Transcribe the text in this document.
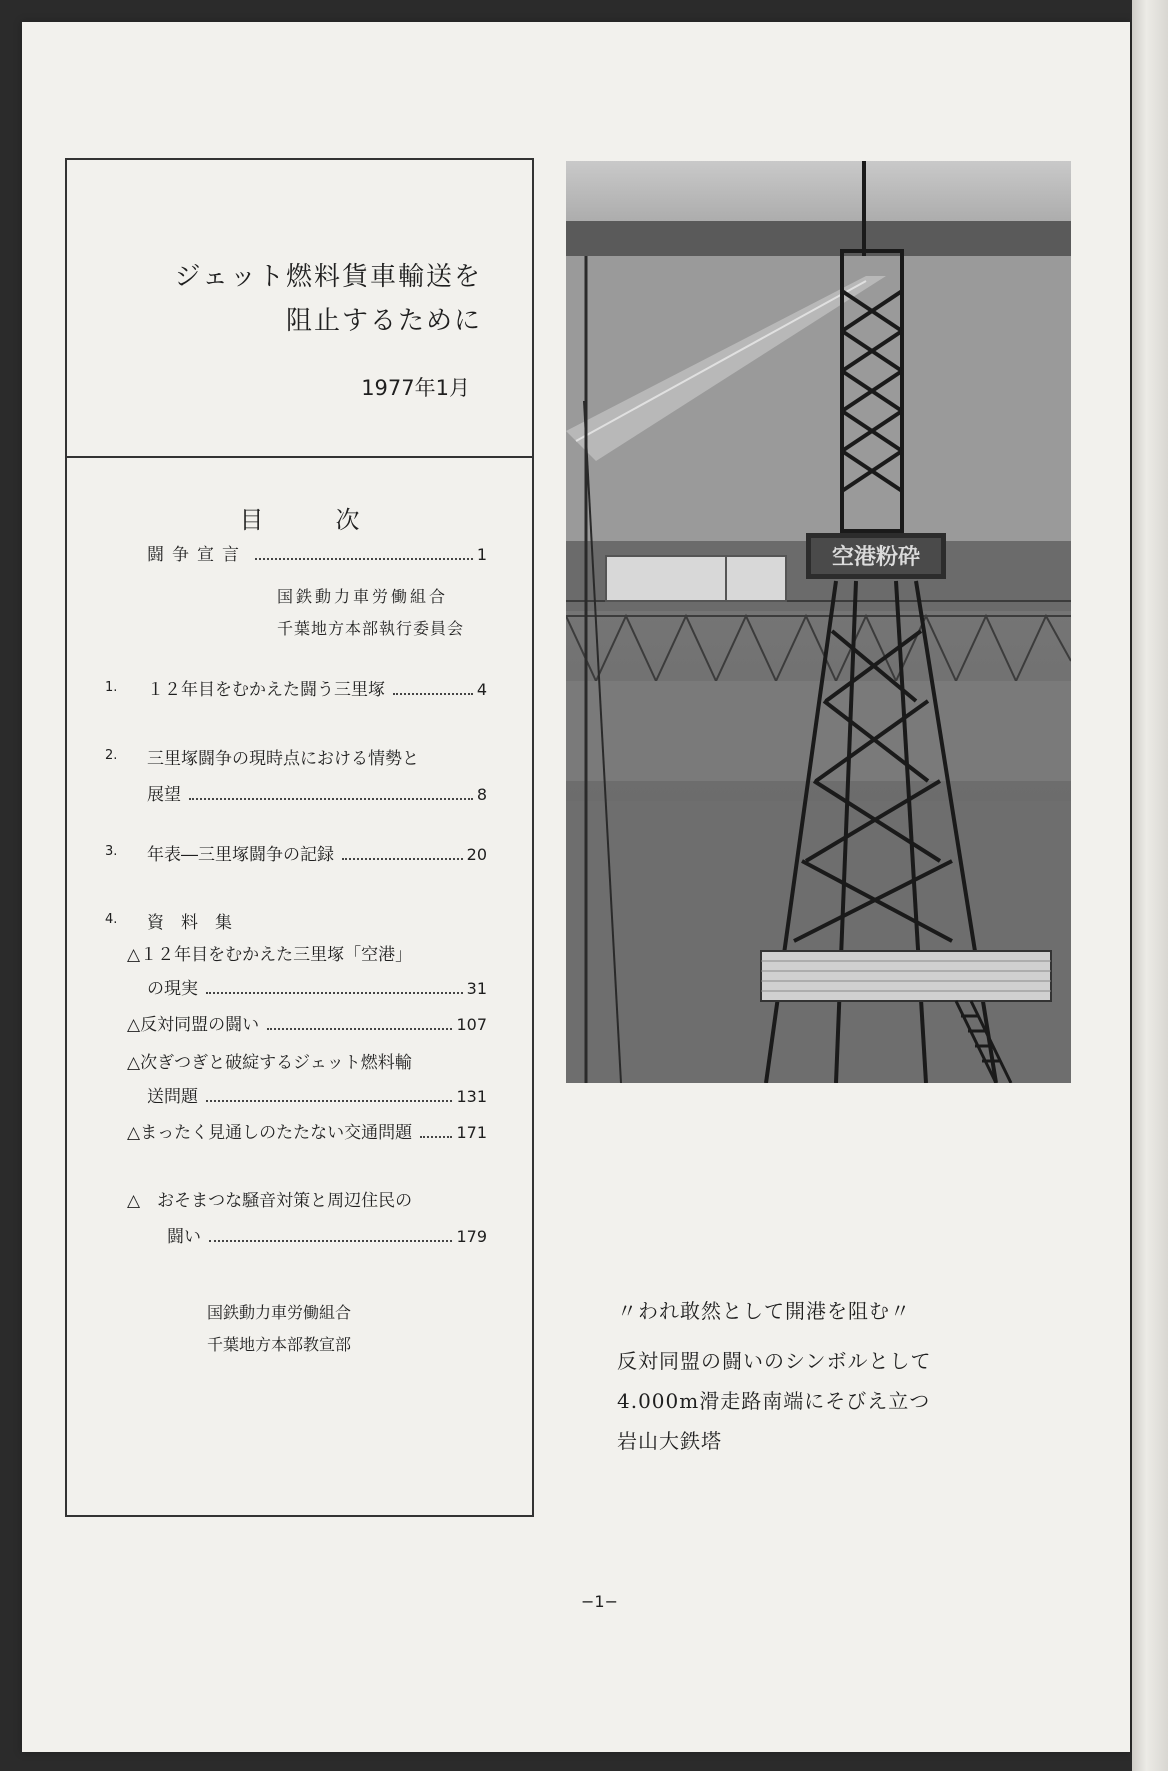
ジェット燃料貨車輸送を
阻止するために
1977年1月
目　次
闘争宣言	1
国鉄動力車労働組合
千葉地方本部執行委員会
1. １２年目をむかえた闘う三里塚	4
2. 三里塚闘争の現時点における情勢と
展望	8
3. 年表―三里塚闘争の記録	20
4. 資　料　集
△１２年目をむかえた三里塚「空港」
の現実	31
△反対同盟の闘い	107
△次ぎつぎと破綻するジェット燃料輸
送問題	131
△まったく見通しのたたない交通問題	171
△　おそまつな騒音対策と周辺住民の
闘い	179
国鉄動力車労働組合
千葉地方本部教宣部
空港粉砕
〃われ敢然として開港を阻む〃
反対同盟の闘いのシンボルとして
4.000m滑走路南端にそびえ立つ
岩山大鉄塔
−1−
